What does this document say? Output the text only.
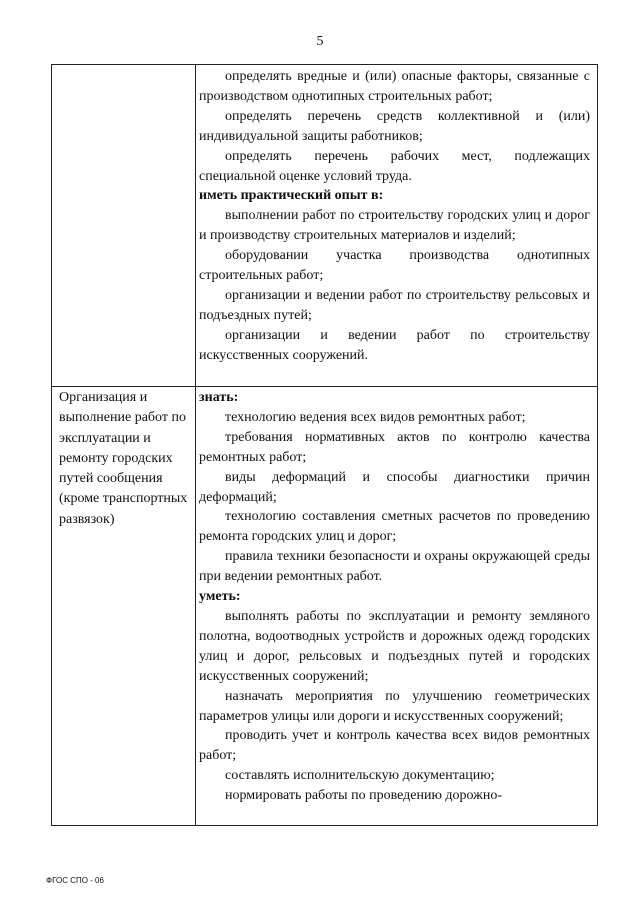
5

определять вредные и (или) опасные факторы, связанные с производством однотипных строительных работ;

определять перечень средств коллективной и (или) индивидуальной защиты работников;

определять перечень рабочих мест, подлежащих специальной оценке условий труда.

иметь практический опыт в:

выполнении работ по строительству городских улиц и дорог и производству строительных материалов и изделий;

оборудовании участка производства однотипных строительных работ;

организации и ведении работ по строительству рельсовых и подъездных путей;

организации и ведении работ по строительству искусственных сооружений.

Организация и выполнение работ по эксплуатации и ремонту городских путей сообщения (кроме транспортных развязок)

знать:

технологию ведения всех видов ремонтных работ;

требования нормативных актов по контролю качества ремонтных работ;

виды деформаций и способы диагностики причин деформаций;

технологию составления сметных расчетов по проведению ремонта городских улиц и дорог;

правила техники безопасности и охраны окружающей среды при ведении ремонтных работ.

уметь:

выполнять работы по эксплуатации и ремонту земляного полотна, водоотводных устройств и дорожных одежд городских улиц и дорог, рельсовых и подъездных путей и городских искусственных сооружений;

назначать мероприятия по улучшению геометрических параметров улицы или дороги и искусственных сооружений;

проводить учет и контроль качества всех видов ремонтных работ;

составлять исполнительскую документацию;

нормировать работы по проведению дорожно-

ФГОС СПО - 06
